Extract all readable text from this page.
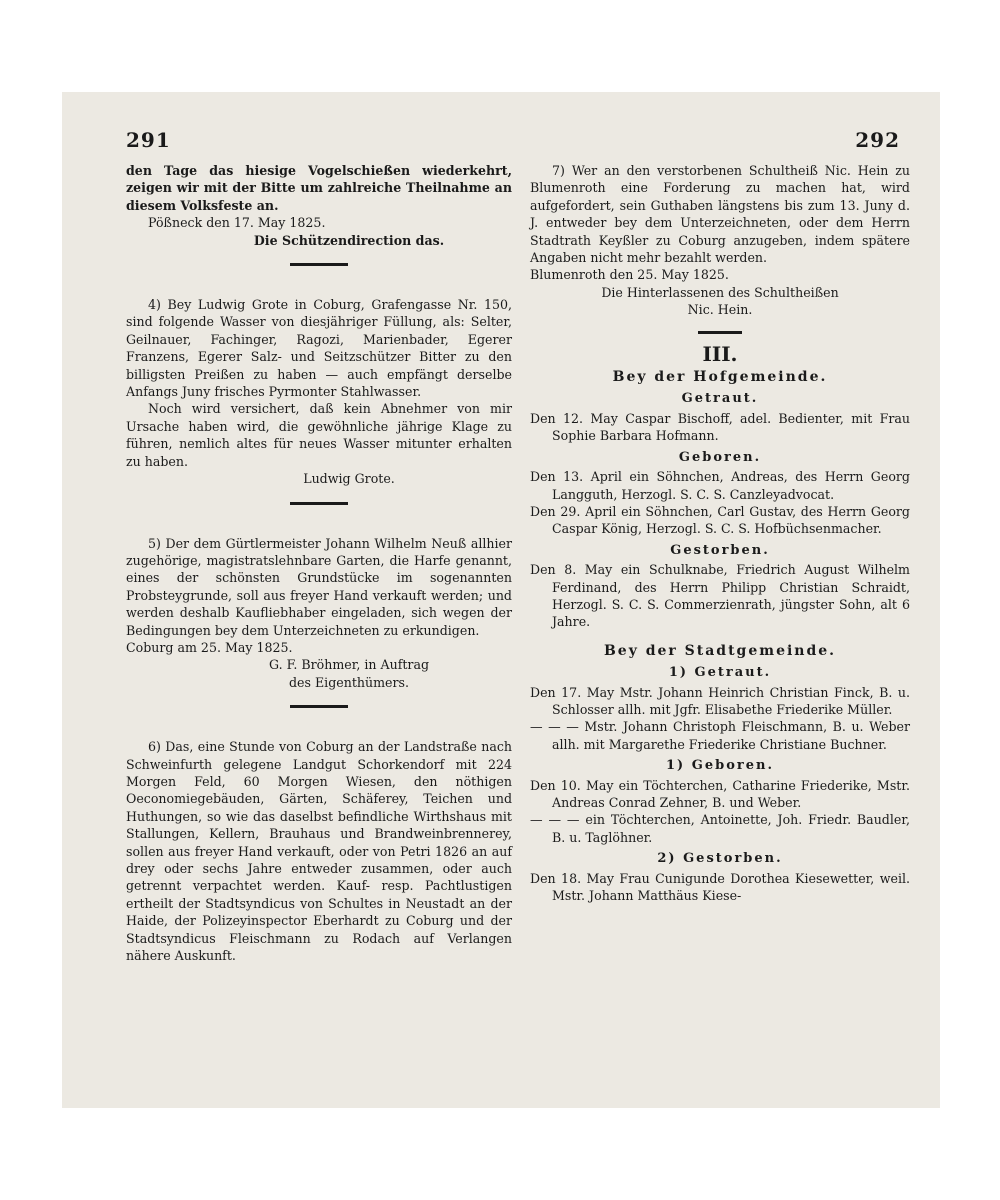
291	292

den Tage das hiesige Vogelschießen wiederkehrt, zeigen wir mit der Bitte um zahlreiche Theilnahme an diesem Volksfeste an.

Pößneck den 17. May 1825.

Die Schützendirection das.

4) Bey Ludwig Grote in Coburg, Grafengasse Nr. 150, sind folgende Wasser von diesjähriger Füllung, als: Selter, Geilnauer, Fachinger, Ragozi, Marienbader, Egerer Franzens, Egerer Salz- und Seitzschützer Bitter zu den billigsten Preißen zu haben — auch empfängt derselbe Anfangs Juny frisches Pyrmonter Stahlwasser.

Noch wird versichert, daß kein Abnehmer von mir Ursache haben wird, die gewöhnliche jährige Klage zu führen, nemlich altes für neues Wasser mitunter erhalten zu haben.

Ludwig Grote.

5) Der dem Gürtlermeister Johann Wilhelm Neuß allhier zugehörige, magistratslehnbare Garten, die Harfe genannt, eines der schönsten Grundstücke im sogenannten Probsteygrunde, soll aus freyer Hand verkauft werden; und werden deshalb Kaufliebhaber eingeladen, sich wegen der Bedingungen bey dem Unterzeichneten zu erkundigen.

Coburg am 25. May 1825.

G. F. Bröhmer, in Auftrag

des Eigenthümers.

6) Das, eine Stunde von Coburg an der Landstraße nach Schweinfurth gelegene Landgut Schorkendorf mit 224 Morgen Feld, 60 Morgen Wiesen, den nöthigen Oeconomiegebäuden, Gärten, Schäferey, Teichen und Huthungen, so wie das daselbst befindliche Wirthshaus mit Stallungen, Kellern, Brauhaus und Brandweinbrennerey, sollen aus freyer Hand verkauft, oder von Petri 1826 an auf drey oder sechs Jahre entweder zusammen, oder auch getrennt verpachtet werden. Kauf- resp. Pachtlustigen ertheilt der Stadtsyndicus von Schultes in Neustadt an der Haide, der Polizeyinspector Eberhardt zu Coburg und der Stadtsyndicus Fleischmann zu Rodach auf Verlangen nähere Auskunft.

7) Wer an den verstorbenen Schultheiß Nic. Hein zu Blumenroth eine Forderung zu machen hat, wird aufgefordert, sein Guthaben längstens bis zum 13. Juny d. J. entweder bey dem Unterzeichneten, oder dem Herrn Stadtrath Keyßler zu Coburg anzugeben, indem spätere Angaben nicht mehr bezahlt werden.

Blumenroth den 25. May 1825.

Die Hinterlassenen des Schultheißen

Nic. Hein.

III.
Bey der Hofgemeinde.
Getraut.

Den 12. May Caspar Bischoff, adel. Bedienter, mit Frau Sophie Barbara Hofmann.

Geboren.

Den 13. April ein Söhnchen, Andreas, des Herrn Georg Langguth, Herzogl. S. C. S. Canzleyadvocat.

Den 29. April ein Söhnchen, Carl Gustav, des Herrn Georg Caspar König, Herzogl. S. C. S. Hofbüchsenmacher.

Gestorben.

Den 8. May ein Schulknabe, Friedrich August Wilhelm Ferdinand, des Herrn Philipp Christian Schraidt, Herzogl. S. C. S. Commerzienrath, jüngster Sohn, alt 6 Jahre.

Bey der Stadtgemeinde.
1) Getraut.

Den 17. May Mstr. Johann Heinrich Christian Finck, B. u. Schlosser allh. mit Jgfr. Elisabethe Friederike Müller.

— — — Mstr. Johann Christoph Fleischmann, B. u. Weber allh. mit Margarethe Friederike Christiane Buchner.

1) Geboren.

Den 10. May ein Töchterchen, Catharine Friederike, Mstr. Andreas Conrad Zehner, B. und Weber.

— — — ein Töchterchen, Antoinette, Joh. Friedr. Baudler, B. u. Taglöhner.

2) Gestorben.

Den 18. May Frau Cunigunde Dorothea Kiesewetter, weil. Mstr. Johann Matthäus Kiese-
